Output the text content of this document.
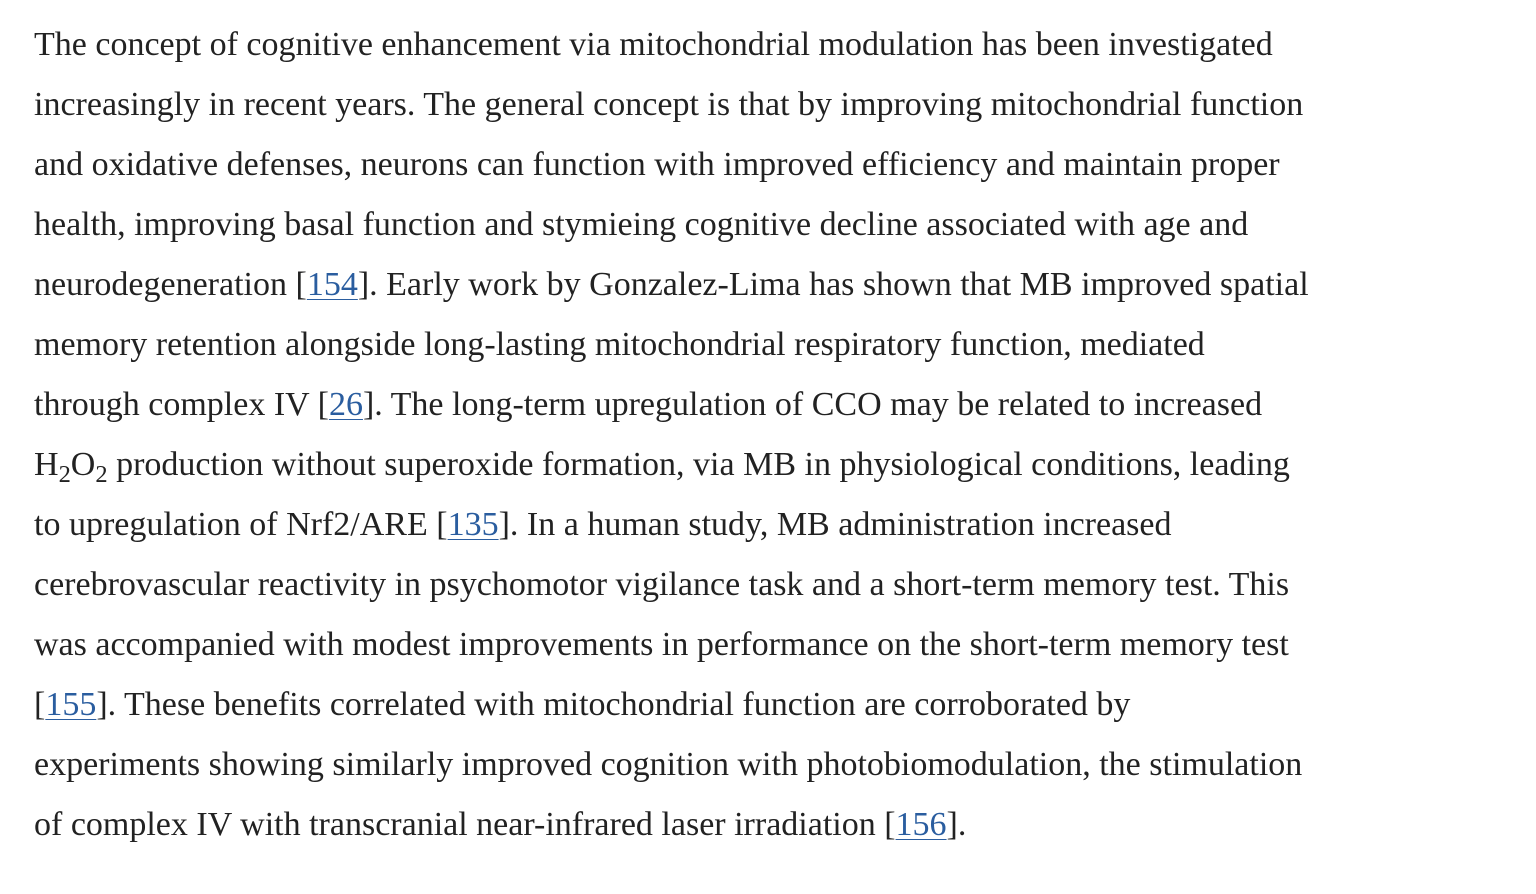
The concept of cognitive enhancement via mitochondrial modulation has been investigated
increasingly in recent years. The general concept is that by improving mitochondrial function
and oxidative defenses, neurons can function with improved efficiency and maintain proper
health, improving basal function and stymieing cognitive decline associated with age and
neurodegeneration [154]. Early work by Gonzalez-Lima has shown that MB improved spatial
memory retention alongside long-lasting mitochondrial respiratory function, mediated
through complex IV [26]. The long-term upregulation of CCO may be related to increased
$H_2O_2$ production without superoxide formation, via MB in physiological conditions, leading
to upregulation of Nrf2/ARE [135]. In a human study, MB administration increased
cerebrovascular reactivity in psychomotor vigilance task and a short-term memory test. This
was accompanied with modest improvements in performance on the short-term memory test
[155]. These benefits correlated with mitochondrial function are corroborated by
experiments showing similarly improved cognition with photobiomodulation, the stimulation
of complex IV with transcranial near-infrared laser irradiation [156].
